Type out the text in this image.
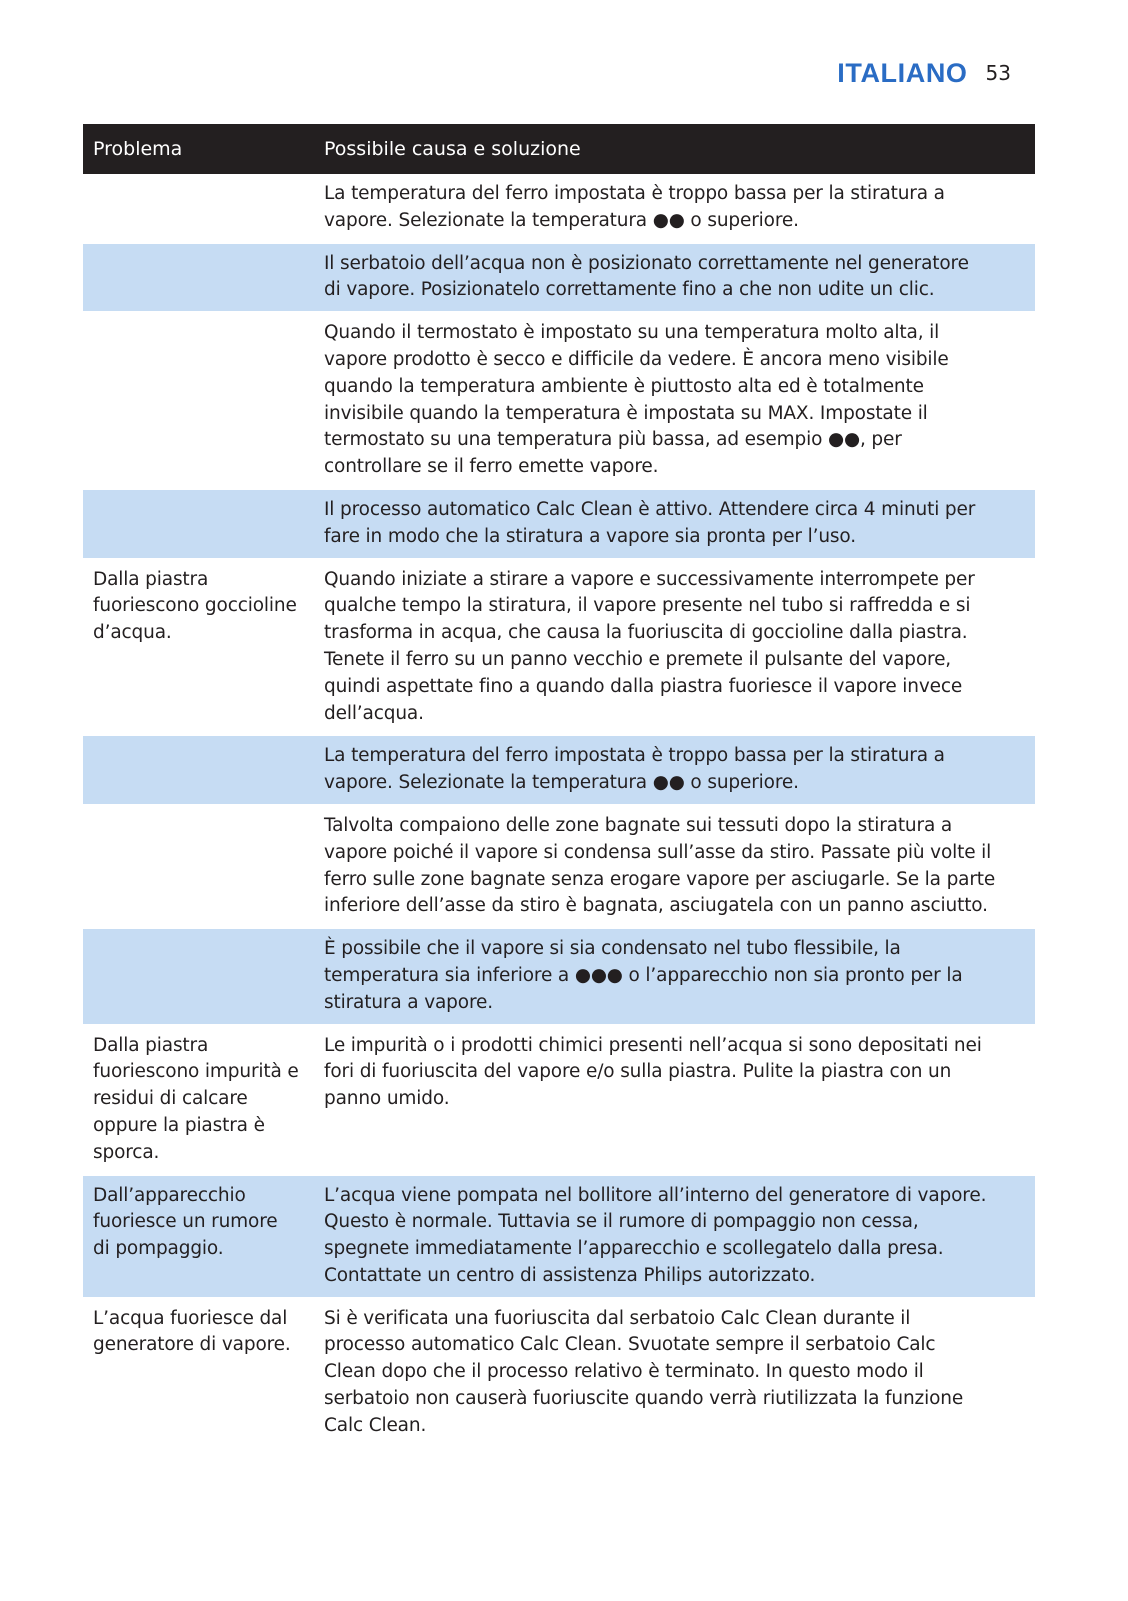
ITALIANO 53
Problema	Possibile causa e soluzione
La temperatura del ferro impostata è troppo bassa per la stiratura a
vapore. Selezionate la temperatura ●● o superiore.
Il serbatoio dell’acqua non è posizionato correttamente nel generatore
di vapore. Posizionatelo correttamente fino a che non udite un clic.
Quando il termostato è impostato su una temperatura molto alta, il
vapore prodotto è secco e difficile da vedere. È ancora meno visibile
quando la temperatura ambiente è piuttosto alta ed è totalmente
invisibile quando la temperatura è impostata su MAX. Impostate il
termostato su una temperatura più bassa, ad esempio ●●, per
controllare se il ferro emette vapore.
Il processo automatico Calc Clean è attivo. Attendere circa 4 minuti per
fare in modo che la stiratura a vapore sia pronta per l’uso.
Dalla piastra
fuoriescono goccioline
d’acqua.
Quando iniziate a stirare a vapore e successivamente interrompete per
qualche tempo la stiratura, il vapore presente nel tubo si raffredda e si
trasforma in acqua, che causa la fuoriuscita di goccioline dalla piastra.
Tenete il ferro su un panno vecchio e premete il pulsante del vapore,
quindi aspettate fino a quando dalla piastra fuoriesce il vapore invece
dell’acqua.
La temperatura del ferro impostata è troppo bassa per la stiratura a
vapore. Selezionate la temperatura ●● o superiore.
Talvolta compaiono delle zone bagnate sui tessuti dopo la stiratura a
vapore poiché il vapore si condensa sull’asse da stiro. Passate più volte il
ferro sulle zone bagnate senza erogare vapore per asciugarle. Se la parte
inferiore dell’asse da stiro è bagnata, asciugatela con un panno asciutto.
È possibile che il vapore si sia condensato nel tubo flessibile, la
temperatura sia inferiore a ●●● o l’apparecchio non sia pronto per la
stiratura a vapore.
Dalla piastra
fuoriescono impurità e
residui di calcare
oppure la piastra è
sporca.
Le impurità o i prodotti chimici presenti nell’acqua si sono depositati nei
fori di fuoriuscita del vapore e/o sulla piastra. Pulite la piastra con un
panno umido.
Dall’apparecchio
fuoriesce un rumore
di pompaggio.
L’acqua viene pompata nel bollitore all’interno del generatore di vapore.
Questo è normale. Tuttavia se il rumore di pompaggio non cessa,
spegnete immediatamente l’apparecchio e scollegatelo dalla presa.
Contattate un centro di assistenza Philips autorizzato.
L’acqua fuoriesce dal
generatore di vapore.
Si è verificata una fuoriuscita dal serbatoio Calc Clean durante il
processo automatico Calc Clean. Svuotate sempre il serbatoio Calc
Clean dopo che il processo relativo è terminato. In questo modo il
serbatoio non causerà fuoriuscite quando verrà riutilizzata la funzione
Calc Clean.
